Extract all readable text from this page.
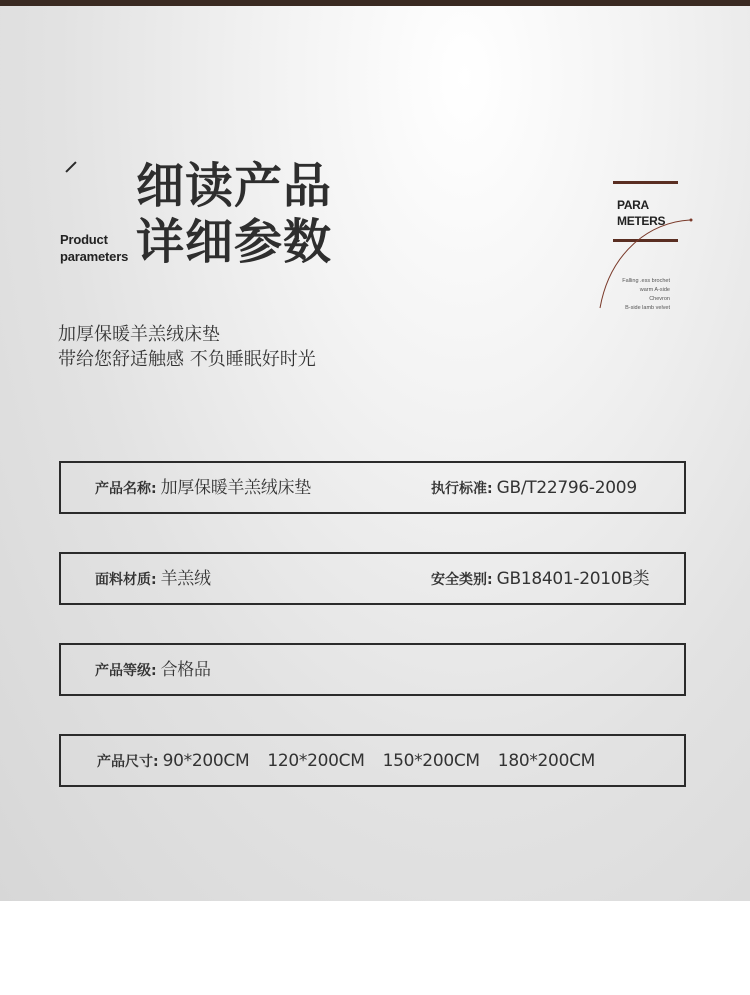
Product
parameters
细读产品
详细参数
PARA
METERS
Falling .ess brochet
warm A-side Chevron
B-side lamb velvet
加厚保暖羊羔绒床垫
带给您舒适触感 不负睡眠好时光
产品名称: 加厚保暖羊羔绒床垫	执行标准: GB/T22796-2009
面料材质: 羊羔绒	安全类别: GB18401-2010B类
产品等级: 合格品
产品尺寸: 90*200CM 120*200CM 150*200CM 180*200CM
